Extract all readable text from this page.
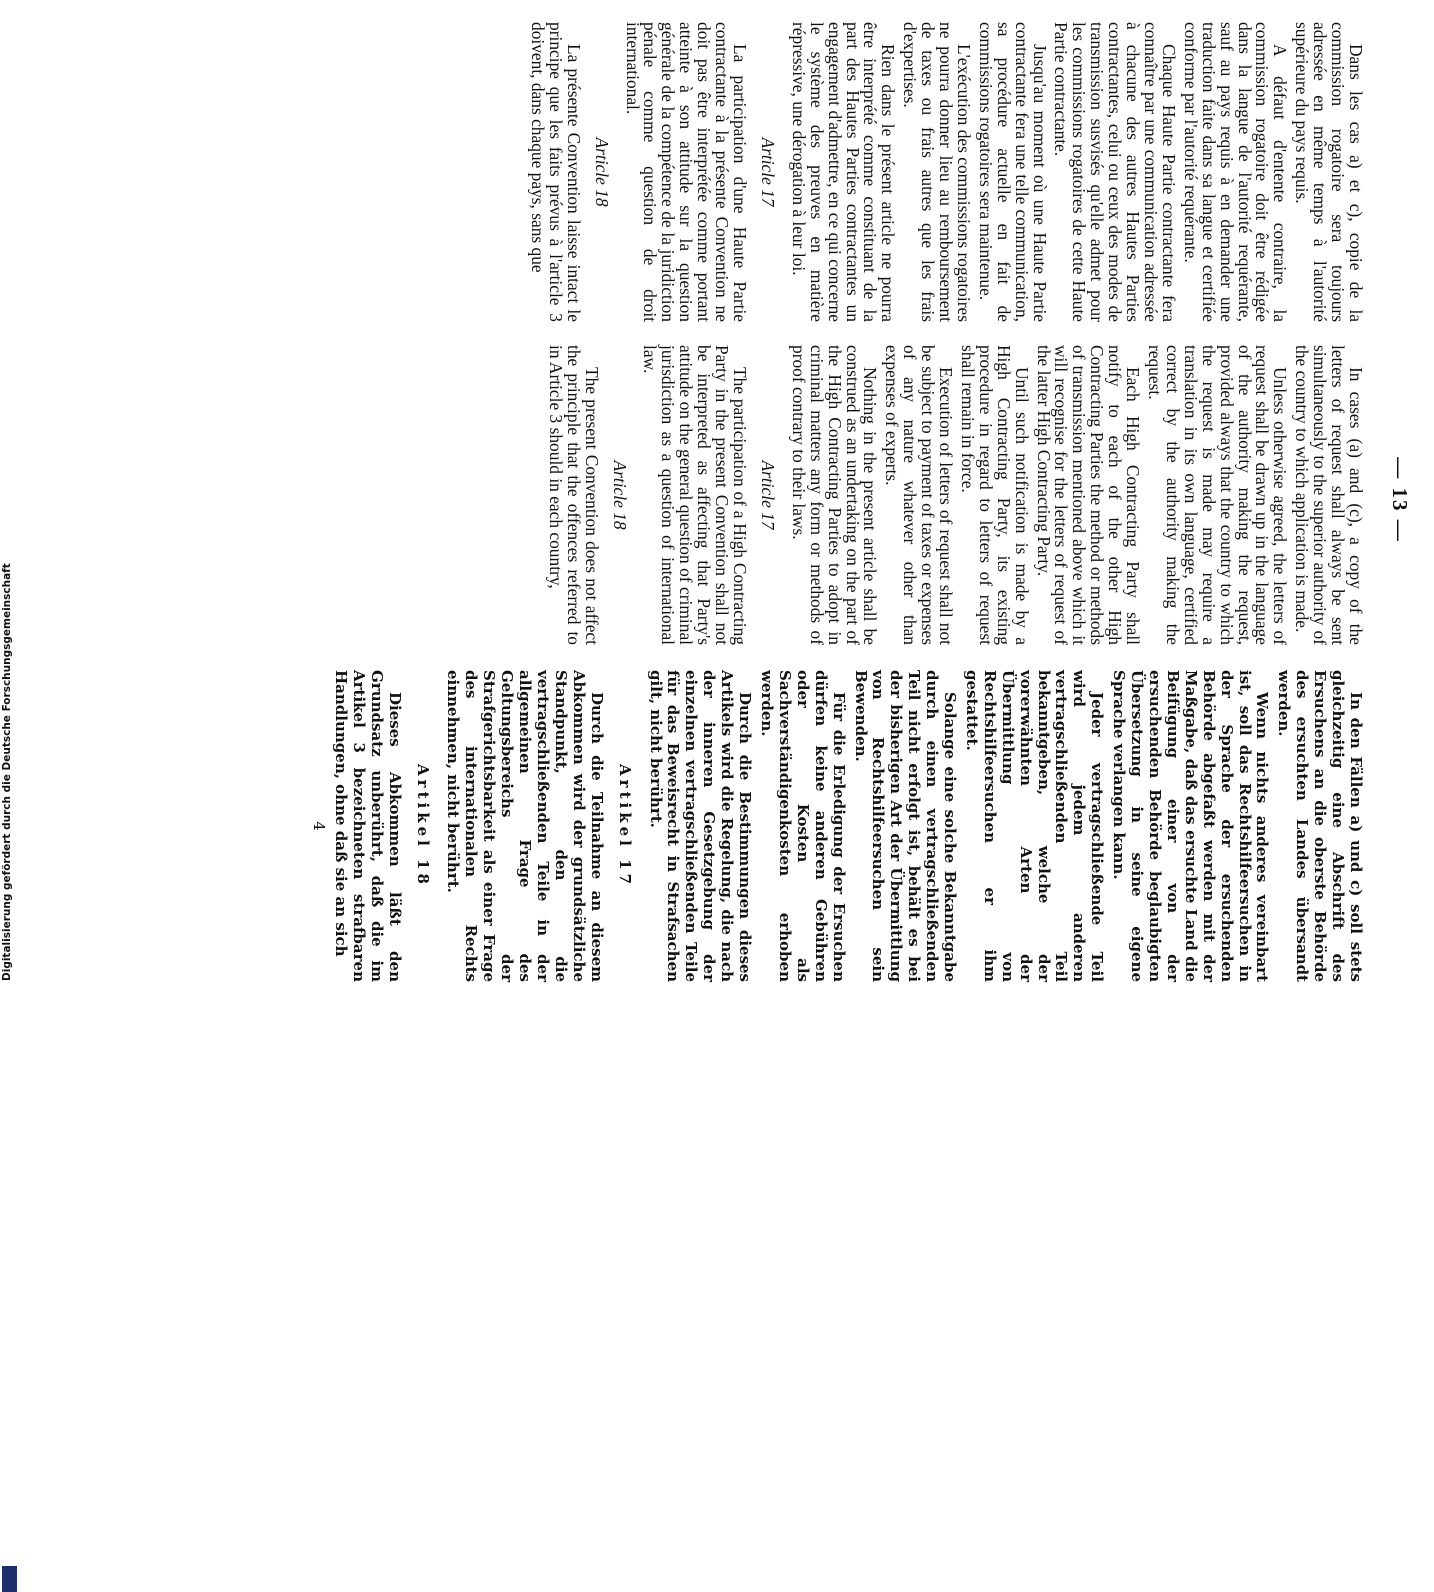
— 13 —

Dans les cas a) et c), copie de la commission rogatoire sera toujours adressée en même temps à l'autorité supérieure du pays requis.

A défaut d'entente contraire, la commission rogatoire doit être rédigée dans la langue de l'autorité requérante, sauf au pays requis à en demander une traduction faite dans sa langue et certifiée conforme par l'autorité requérante.

Chaque Haute Partie contractante fera connaître par une communication adressée à chacune des autres Hautes Parties contractantes, celui ou ceux des modes de transmission susvisés qu'elle admet pour les commissions rogatoires de cette Haute Partie contractante.

Jusqu'au moment où une Haute Partie contractante fera une telle communication, sa procédure actuelle en fait de commissions rogatoires sera maintenue.

L'exécution des commissions rogatoires ne pourra donner lieu au remboursement de taxes ou frais autres que les frais d'expertises.

Rien dans le présent article ne pourra être interprété comme constituant de la part des Hautes Parties contractantes un engagement d'admettre, en ce qui concerne le système des preuves en matière répressive, une dérogation à leur loi.

Article 17

La participation d'une Haute Partie contractante à la présente Convention ne doit pas être interprétée comme portant atteinte à son attitude sur la question générale de la compétence de la juridiction pénale comme question de droit international.

Article 18

La présente Convention laisse intact le principe que les faits prévus à l'article 3 doivent, dans chaque pays, sans que

In cases (a) and (c), a copy of the letters of request shall always be sent simultaneously to the superior authority of the country to which application is made.

Unless otherwise agreed, the letters of request shall be drawn up in the language of the authority making the request, provided always that the country to which the request is made may require a translation in its own language, certified correct by the authority making the request.

Each High Contracting Party shall notify to each of the other High Contracting Parties the method or methods of transmission mentioned above which it will recognise for the letters of request of the latter High Contracting Party.

Until such notification is made by a High Contracting Party, its existing procedure in regard to letters of request shall remain in force.

Execution of letters of request shall not be subject to payment of taxes or expenses of any nature whatever other than expenses of experts.

Nothing in the present article shall be construed as an undertaking on the part of the High Contracting Parties to adopt in criminal matters any form or methods of proof contrary to their laws.

Article 17

The participation of a High Contracting Party in the present Convention shall not be interpreted as affecting that Party's attitude on the general question of criminal jurisdiction as a question of international law.

Article 18

The present Convention does not affect the principle that the offences referred to in Article 3 should in each country,

In den Fällen a) und c) soll stets gleichzeitig eine Abschrift des Ersuchens an die oberste Behörde des ersuchten Landes übersandt werden.

Wenn nichts anderes vereinbart ist, soll das Rechtshilfeersuchen in der Sprache der ersuchenden Behörde abgefaßt werden mit der Maßgabe, daß das ersuchte Land die Beifügung einer von der ersuchenden Behörde beglaubigten Übersetzung in seine eigene Sprache verlangen kann.

Jeder vertragschließende Teil wird jedem anderen vertragschließenden Teil bekanntgeben, welche der vorerwähnten Arten der Übermittlung von Rechtshilfeersuchen er ihm gestattet.

Solange eine solche Bekanntgabe durch einen vertragschließenden Teil nicht erfolgt ist, behält es bei der bisherigen Art der Übermittlung von Rechtshilfeersuchen sein Bewenden.

Für die Erledigung der Ersuchen dürfen keine anderen Gebühren oder Kosten als Sachverständigenkosten erhoben werden.

Durch die Bestimmungen dieses Artikels wird die Regelung, die nach der inneren Gesetzgebung der einzelnen vertragschließenden Teile für das Beweisrecht in Strafsachen gilt, nicht berührt.

Artikel 17

Durch die Teilnahme an diesem Abkommen wird der grundsätzliche Standpunkt, den die vertragschließenden Teile in der allgemeinen Frage des Geltungsbereichs der Strafgerichtsbarkeit als einer Frage des internationalen Rechts einnehmen, nicht berührt.

Artikel 18

Dieses Abkommen läßt den Grundsatz unberührt, daß die im Artikel 3 bezeichneten strafbaren Handlungen, ohne daß sie an sich

4
Digitalisierung gefördert durch die Deutsche Forschungsgemeinschaft
